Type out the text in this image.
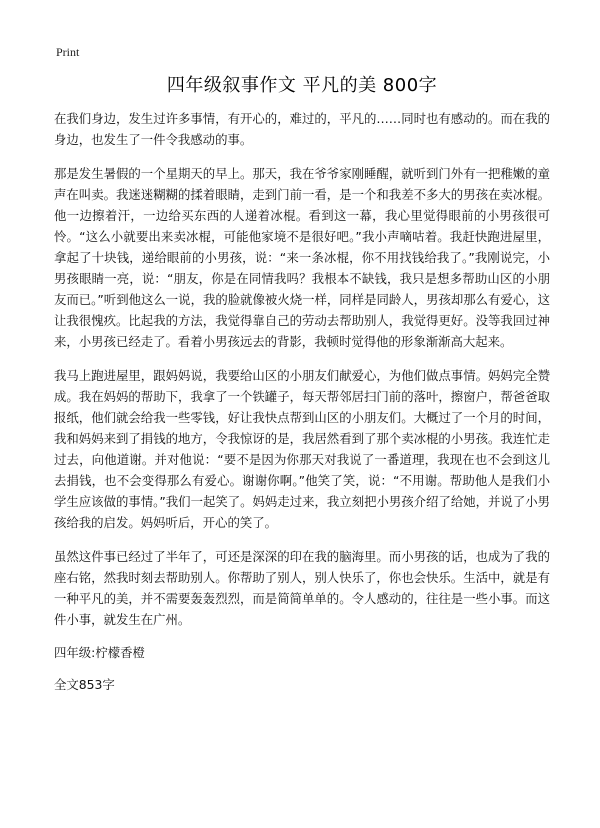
Print
四年级叙事作文 平凡的美 800字

在我们身边，发生过许多事情，有开心的，难过的，平凡的……同时也有感动的。而在我的身边，也发生了一件令我感动的事。

那是发生暑假的一个星期天的早上。那天，我在爷爷家刚睡醒，就听到门外有一把稚嫩的童声在叫卖。我迷迷糊糊的揉着眼睛，走到门前一看，是一个和我差不多大的男孩在卖冰棍。他一边擦着汗，一边给买东西的人递着冰棍。看到这一幕，我心里觉得眼前的小男孩很可怜。“这么小就要出来卖冰棍，可能他家境不是很好吧。”我小声嘀咕着。我赶快跑进屋里，拿起了十块钱，递给眼前的小男孩，说：“来一条冰棍，你不用找钱给我了。”我刚说完，小男孩眼睛一亮，说：“朋友，你是在同情我吗？我根本不缺钱，我只是想多帮助山区的小朋友而已。”听到他这么一说，我的脸就像被火烧一样，同样是同龄人，男孩却那么有爱心，这让我很愧疚。比起我的方法，我觉得靠自己的劳动去帮助别人，我觉得更好。没等我回过神来，小男孩已经走了。看着小男孩远去的背影，我顿时觉得他的形象渐渐高大起来。

我马上跑进屋里，跟妈妈说，我要给山区的小朋友们献爱心，为他们做点事情。妈妈完全赞成。我在妈妈的帮助下，我拿了一个铁罐子，每天帮邻居扫门前的落叶，擦窗户，帮爸爸取报纸，他们就会给我一些零钱，好让我快点帮到山区的小朋友们。大概过了一个月的时间，我和妈妈来到了捐钱的地方，令我惊讶的是，我居然看到了那个卖冰棍的小男孩。我连忙走过去，向他道谢。并对他说：“要不是因为你那天对我说了一番道理，我现在也不会到这儿去捐钱，也不会变得那么有爱心。谢谢你啊。”他笑了笑，说：“不用谢。帮助他人是我们小学生应该做的事情。”我们一起笑了。妈妈走过来，我立刻把小男孩介绍了给她，并说了小男孩给我的启发。妈妈听后，开心的笑了。

虽然这件事已经过了半年了，可还是深深的印在我的脑海里。而小男孩的话，也成为了我的座右铭，然我时刻去帮助别人。你帮助了别人，别人快乐了，你也会快乐。生活中，就是有一种平凡的美，并不需要轰轰烈烈，而是简简单单的。令人感动的，往往是一些小事。而这件小事，就发生在广州。

四年级:柠檬香橙
全文853字
